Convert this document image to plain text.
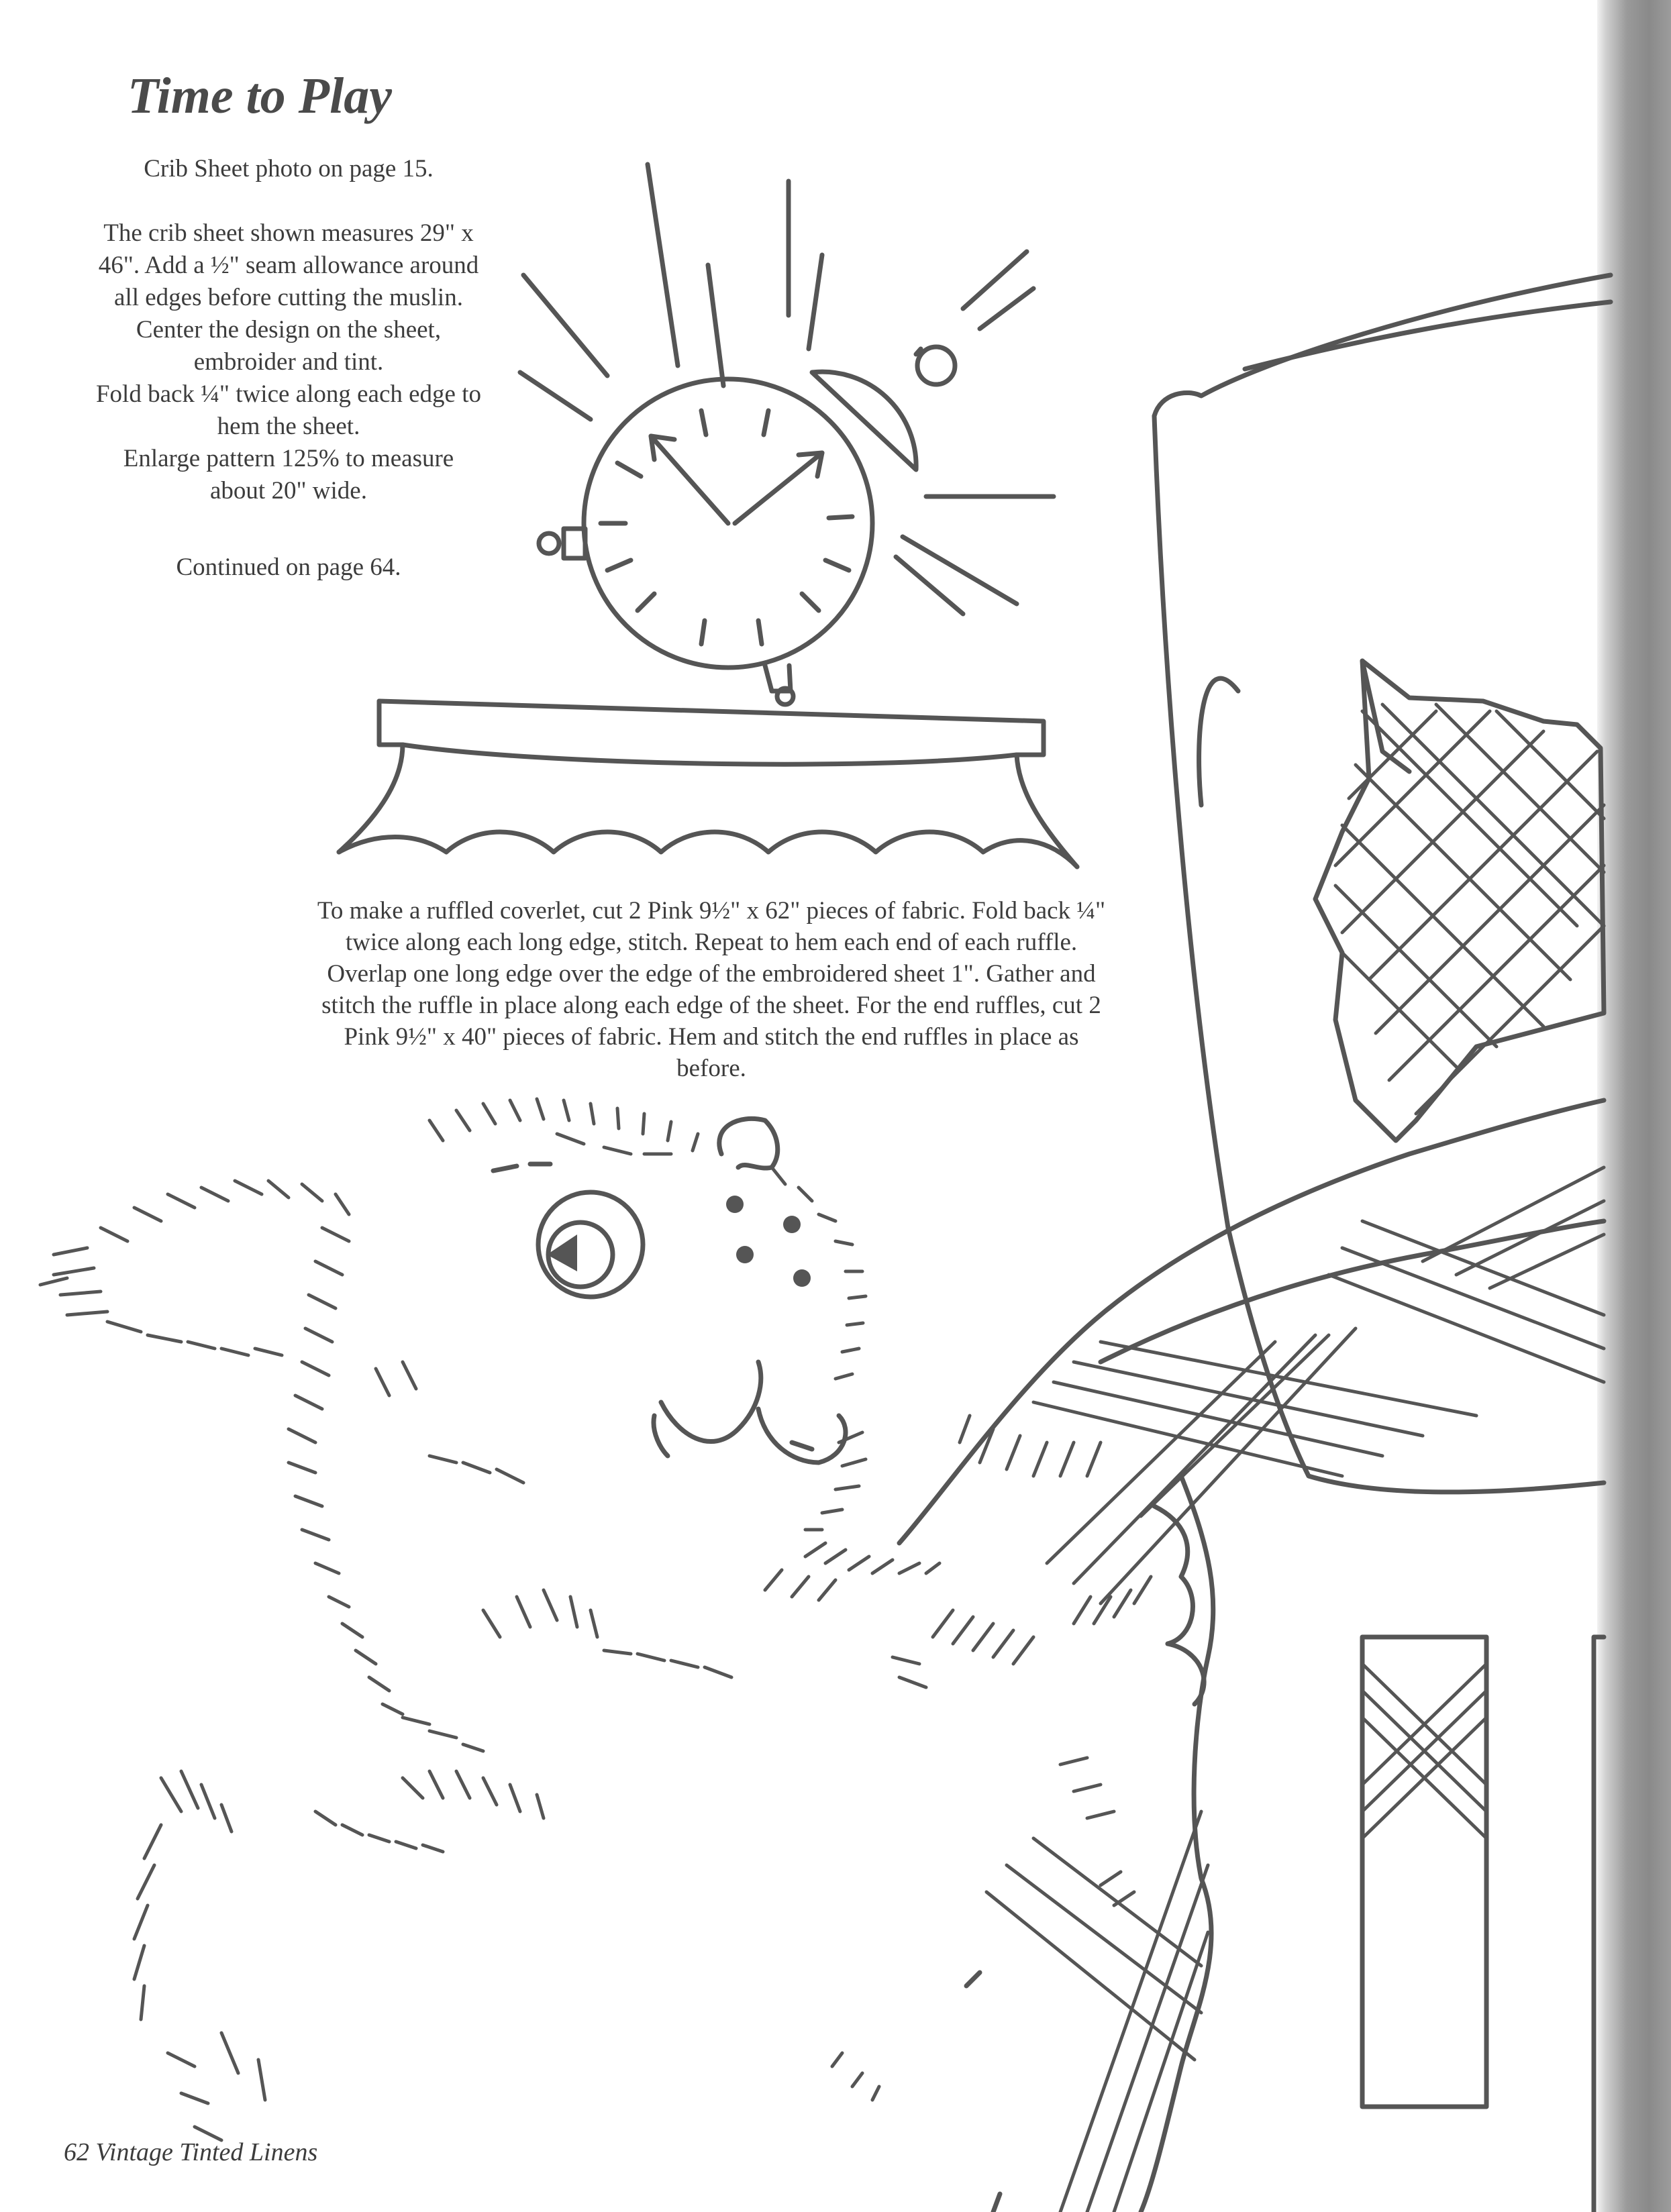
Time to Play

Crib Sheet photo on page 15.

The crib sheet shown measures 29" x 46". Add a ½" seam allowance around all edges before cutting the muslin.

Center the design on the sheet, embroider and tint.

Fold back ¼" twice along each edge to hem the sheet.

Enlarge pattern 125% to measure about 20" wide.

Continued on page 64.

To make a ruffled coverlet, cut 2 Pink 9½" x 62" pieces of fabric. Fold back ¼" twice along each long edge, stitch. Repeat to hem each end of each ruffle. Overlap one long edge over the edge of the embroidered sheet 1". Gather and stitch the ruffle in place along each edge of the sheet. For the end ruffles, cut 2 Pink 9½" x 40" pieces of fabric. Hem and stitch the end ruffles in place as before.

62 Vintage Tinted Linens
